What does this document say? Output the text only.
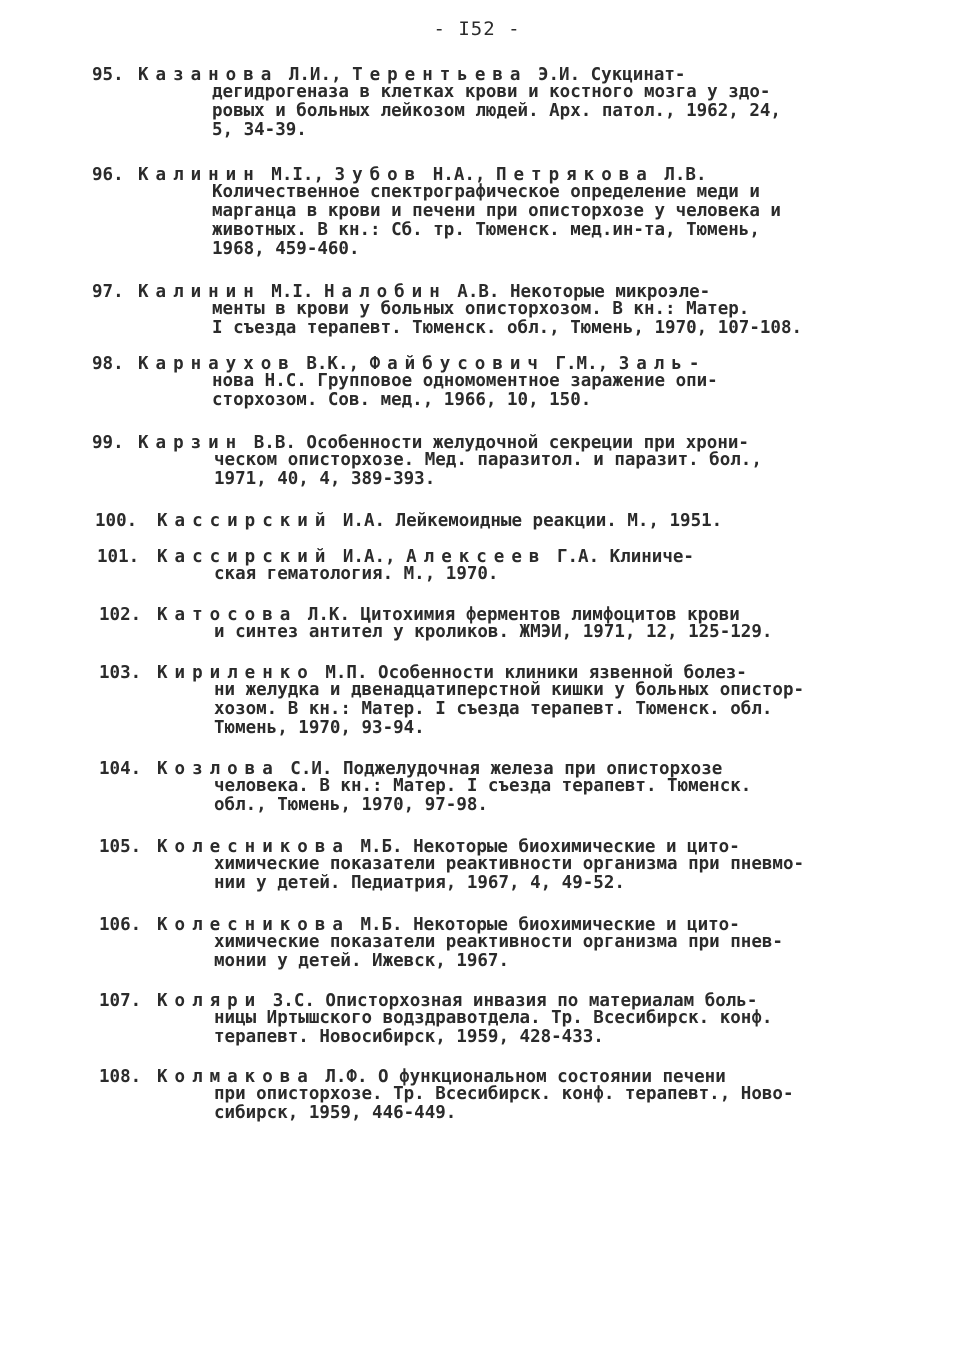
- I52 -
95. Казанова Л.И., Терентьева Э.И. Сукцинат-
дегидрогеназа в клетках крови и костного мозга у здо-
ровых и больных лейкозом людей. Арх. патол., 1962, 24,
5, 34-39.
96. Калинин М.I., Зубов Н.А., Петрякова Л.В.
Количественное спектрографическое определение меди и
марганца в крови и печени при описторхозе у человека и
животных. В кн.: Сб. тр. Тюменск. мед.ин-та, Тюмень,
1968, 459-460.
97. Калинин М.I. Налобин А.В. Некоторые микроэле-
менты в крови у больных описторхозом. В кн.: Матер.
I съезда терапевт. Тюменск. обл., Тюмень, 1970, 107-108.
98. Карнаухов В.К., Файбусович Г.М., Заль-
нова Н.С. Групповое одномоментное заражение опи-
сторхозом. Сов. мед., 1966, 10, 150.
99. Карзин В.В. Особенности желудочной секреции при хрони-
ческом описторхозе. Мед. паразитол. и паразит. бол.,
1971, 40, 4, 389-393.
100. Кассирский И.А. Лейкемоидные реакции. М., 1951.
101. Кассирский И.А., Алексеев Г.А. Клиниче-
ская гематология. М., 1970.
102. Катосова Л.К. Цитохимия ферментов лимфоцитов крови
и синтез антител у кроликов. ЖМЭИ, 1971, 12, 125-129.
103. Кириленко М.П. Особенности клиники язвенной болез-
ни желудка и двенадцатиперстной кишки у больных опистор-
хозом. В кн.: Матер. I съезда терапевт. Тюменск. обл.
Тюмень, 1970, 93-94.
104. Козлова С.И. Поджелудочная железа при описторхозе
человека. В кн.: Матер. I съезда терапевт. Тюменск.
обл., Тюмень, 1970, 97-98.
105. Колесникова М.Б. Некоторые биохимические и цито-
химические показатели реактивности организма при пневмо-
нии у детей. Педиатрия, 1967, 4, 49-52.
106. Колесникова М.Б. Некоторые биохимические и цито-
химические показатели реактивности организма при пнев-
монии у детей. Ижевск, 1967.
107. Коляри З.С. Описторхозная инвазия по материалам боль-
ницы Иртышского водздравотдела. Тр. Всесибирск. конф.
терапевт. Новосибирск, 1959, 428-433.
108. Колмакова Л.Ф. О функциональном состоянии печени
при описторхозе. Тр. Всесибирск. конф. терапевт., Ново-
сибирск, 1959, 446-449.
